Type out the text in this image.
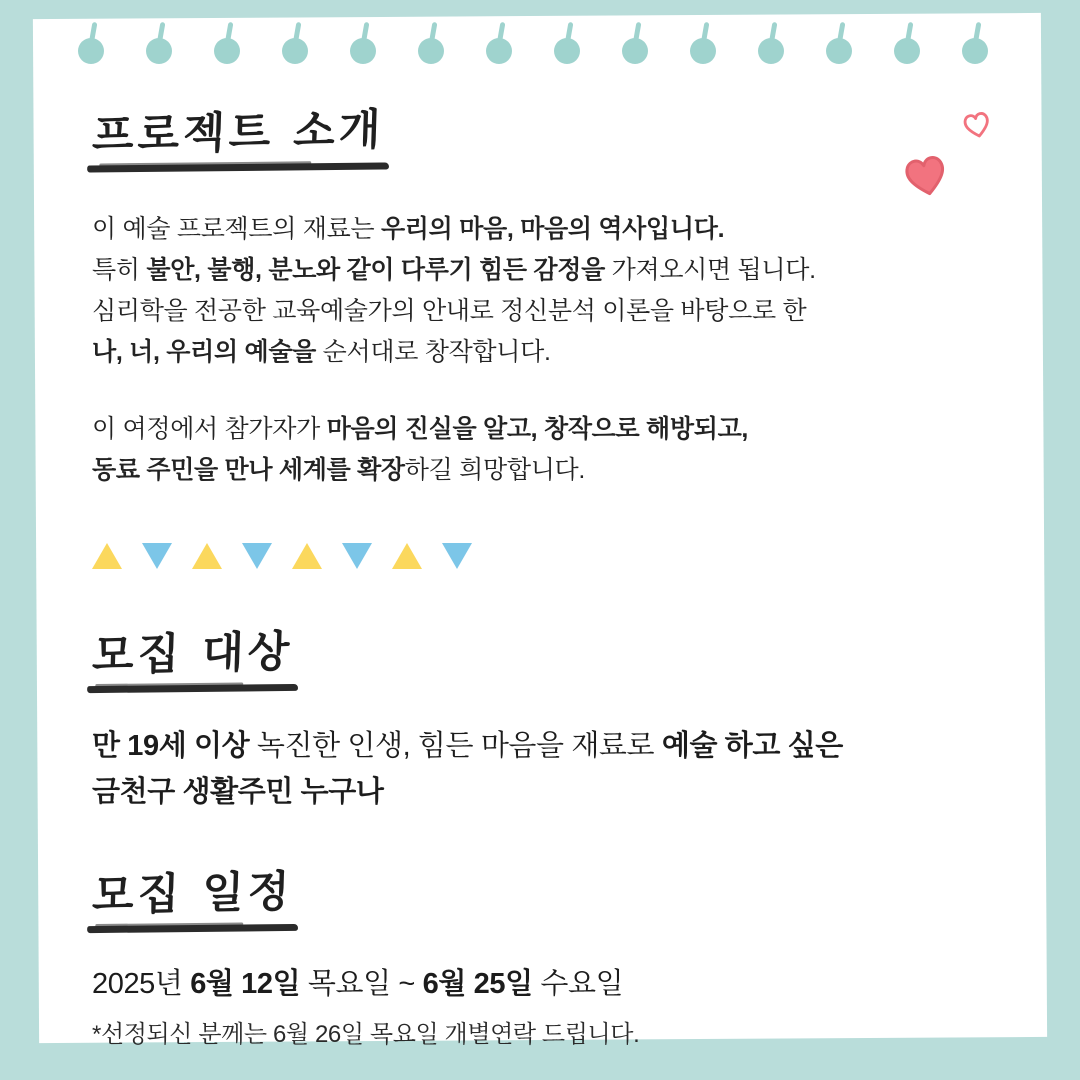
프로젝트 소개
이 예술 프로젝트의 재료는 우리의 마음, 마음의 역사입니다.
특히 불안, 불행, 분노와 같이 다루기 힘든 감정을 가져오시면 됩니다.
심리학을 전공한 교육예술가의 안내로 정신분석 이론을 바탕으로 한
나, 너, 우리의 예술을 순서대로 창작합니다.
이 여정에서 참가자가 마음의 진실을 알고, 창작으로 해방되고,
동료 주민을 만나 세계를 확장하길 희망합니다.
모집 대상
만 19세 이상 녹진한 인생, 힘든 마음을 재료로 예술 하고 싶은
금천구 생활주민 누구나
모집 일정
2025년 6월 12일 목요일 ~ 6월 25일 수요일
*선정되신 분께는 6월 26일 목요일 개별연락 드립니다.
